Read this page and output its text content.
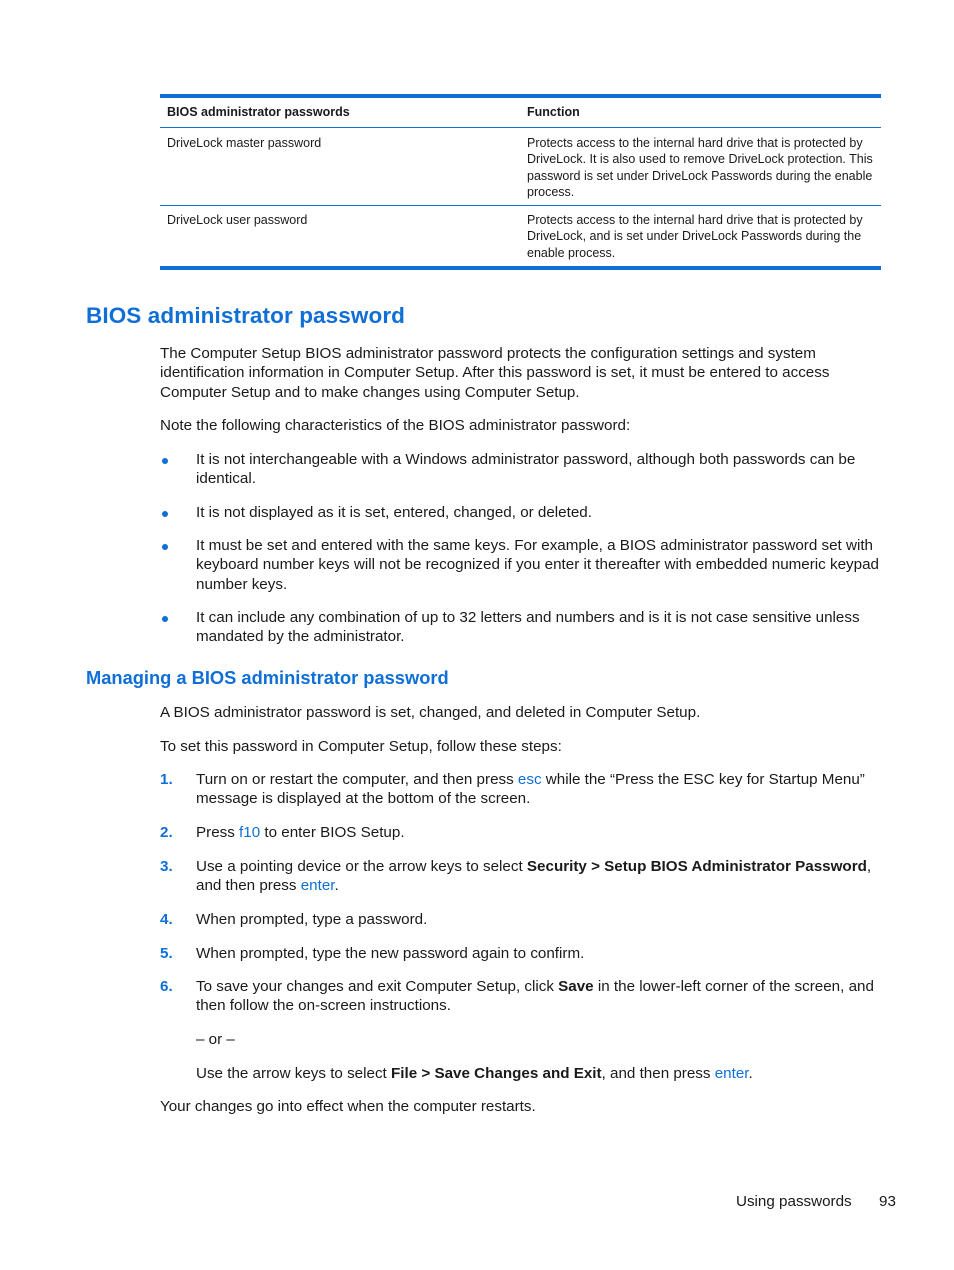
BIOS administrator passwords	Function
DriveLock master password	Protects access to the internal hard drive that is protected by DriveLock. It is also used to remove DriveLock protection. This password is set under DriveLock Passwords during the enable process.
DriveLock user password	Protects access to the internal hard drive that is protected by DriveLock, and is set under DriveLock Passwords during the enable process.
BIOS administrator password

The Computer Setup BIOS administrator password protects the configuration settings and system identification information in Computer Setup. After this password is set, it must be entered to access Computer Setup and to make changes using Computer Setup.

Note the following characteristics of the BIOS administrator password:

It is not interchangeable with a Windows administrator password, although both passwords can be identical.
It is not displayed as it is set, entered, changed, or deleted.
It must be set and entered with the same keys. For example, a BIOS administrator password set with keyboard number keys will not be recognized if you enter it thereafter with embedded numeric keypad number keys.
It can include any combination of up to 32 letters and numbers and is it is not case sensitive unless mandated by the administrator.
Managing a BIOS administrator password

A BIOS administrator password is set, changed, and deleted in Computer Setup.

To set this password in Computer Setup, follow these steps:

1. Turn on or restart the computer, and then press esc while the “Press the ESC key for Startup Menu” message is displayed at the bottom of the screen.
2. Press f10 to enter BIOS Setup.
3. Use a pointing device or the arrow keys to select Security > Setup BIOS Administrator Password, and then press enter.
4. When prompted, type a password.
5. When prompted, type the new password again to confirm.
6. To save your changes and exit Computer Setup, click Save in the lower-left corner of the screen, and then follow the on-screen instructions.
– or –
Use the arrow keys to select File > Save Changes and Exit, and then press enter.

Your changes go into effect when the computer restarts.

Using passwords 93
